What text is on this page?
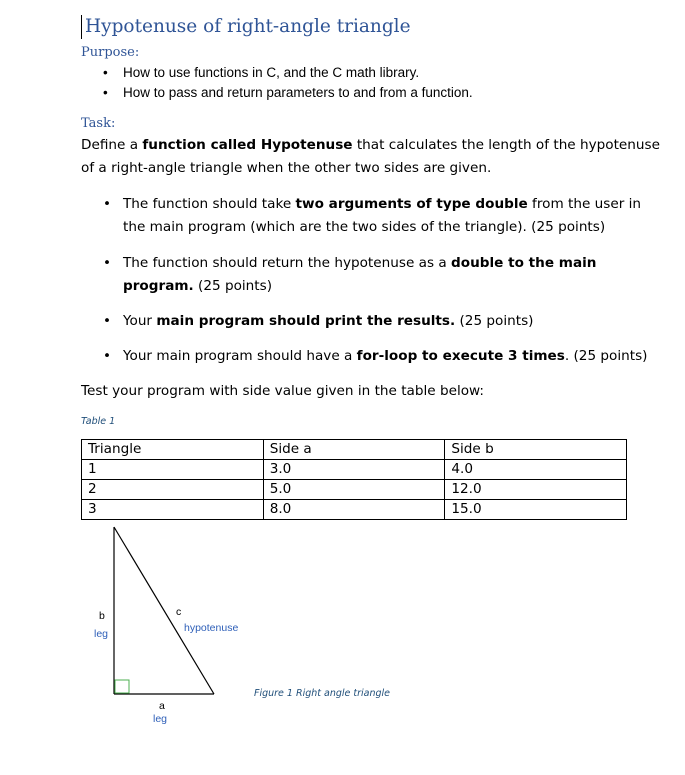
Hypotenuse of right-angle triangle
Purpose:
• How to use functions in C, and the C math library.
• How to pass and return parameters to and from a function.
Task:
Define a function called Hypotenuse that calculates the length of the hypotenuse
of a right-angle triangle when the other two sides are given.
• The function should take two arguments of type double from the user in
the main program (which are the two sides of the triangle). (25 points)
• The function should return the hypotenuse as a double to the main
program. (25 points)
• Your main program should print the results. (25 points)
• Your main program should have a for-loop to execute 3 times. (25 points)
Test your program with side value given in the table below:
Table 1
Triangle	Side a	Side b
1	3.0	4.0
2	5.0	12.0
3	8.0	15.0
b
leg
c
hypotenuse
a
leg
Figure 1 Right angle triangle
